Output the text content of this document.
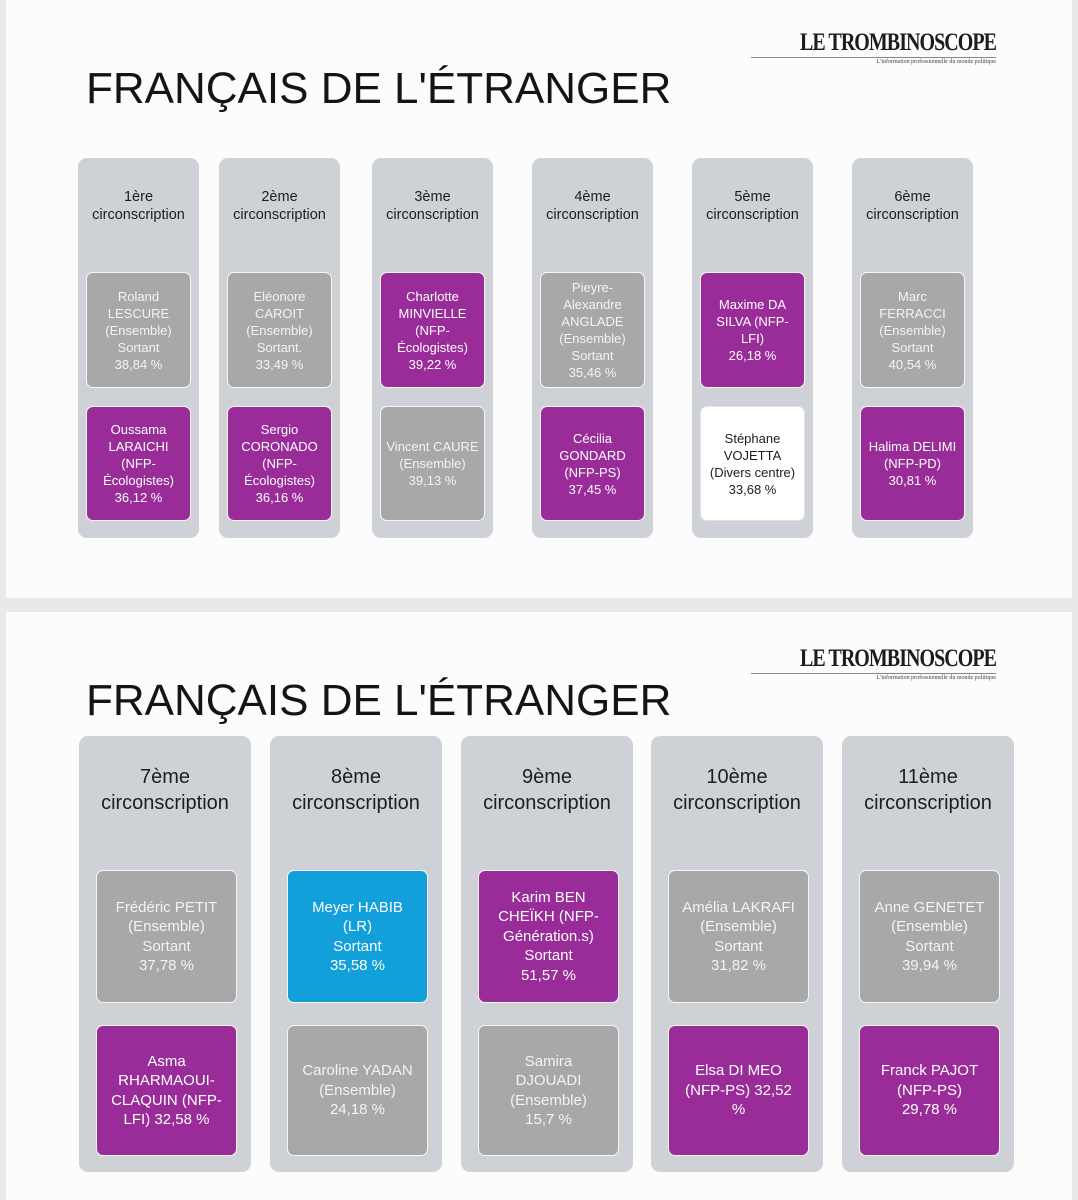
LE TROMBINOSCOPE
L'information professionnelle du monde politique
FRANÇAIS DE L'ÉTRANGER
1ère
circonscription
Roland
LESCURE
(Ensemble)
Sortant
38,84 %
Oussama
LARAICHI
(NFP-
Écologistes)
36,12 %
2ème
circonscription
Eléonore
CAROIT
(Ensemble)
Sortant.
33,49 %
Sergio
CORONADO
(NFP-
Écologistes)
36,16 %
3ème
circonscription
Charlotte
MINVIELLE
(NFP-
Écologistes)
39,22 %
Vincent CAURE
(Ensemble)
39,13 %
4ème
circonscription
Pieyre-
Alexandre
ANGLADE
(Ensemble)
Sortant
35,46 %
Cécilia
GONDARD
(NFP-PS)
37,45 %
5ème
circonscription
Maxime DA
SILVA (NFP-LFI)
26,18 %
Stéphane
VOJETTA
(Divers centre)
33,68 %
6ème
circonscription
Marc
FERRACCI
(Ensemble)
Sortant
40,54 %
Halima DELIMI
(NFP-PD)
30,81 %
LE TROMBINOSCOPE
L'information professionnelle du monde politique
FRANÇAIS DE L'ÉTRANGER
7ème
circonscription
Frédéric PETIT
(Ensemble)
Sortant
37,78 %
Asma
RHARMAOUI-
CLAQUIN (NFP-
LFI) 32,58 %
8ème
circonscription
Meyer HABIB
(LR)
Sortant
35,58 %
Caroline YADAN
(Ensemble)
24,18 %
9ème
circonscription
Karim BEN
CHEÏKH (NFP-
Génération.s)
Sortant
51,57 %
Samira
DJOUADI
(Ensemble)
15,7 %
10ème
circonscription
Amélia LAKRAFI
(Ensemble)
Sortant
31,82 %
Elsa DI MEO
(NFP-PS) 32,52
%
11ème
circonscription
Anne GENETET
(Ensemble)
Sortant
39,94 %
Franck PAJOT
(NFP-PS)
29,78 %
